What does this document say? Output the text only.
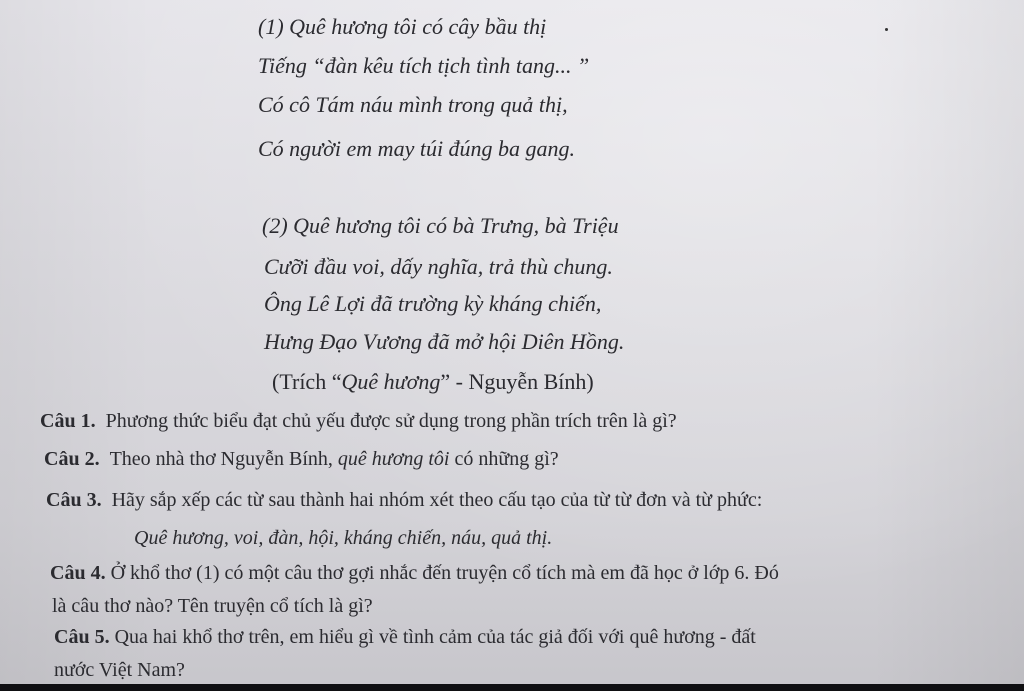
(1) Quê hương tôi có cây bầu thị
Tiếng “đàn kêu tích tịch tình tang... ”
Có cô Tám náu mình trong quả thị,
Có người em may túi đúng ba gang.
(2) Quê hương tôi có bà Trưng, bà Triệu
Cưỡi đầu voi, dấy nghĩa, trả thù chung.
Ông Lê Lợi đã trường kỳ kháng chiến,
Hưng Đạo Vương đã mở hội Diên Hồng.
(Trích “Quê hương” - Nguyễn Bính)
Câu 1. Phương thức biểu đạt chủ yếu được sử dụng trong phần trích trên là gì?
Câu 2. Theo nhà thơ Nguyễn Bính, quê hương tôi có những gì?
Câu 3. Hãy sắp xếp các từ sau thành hai nhóm xét theo cấu tạo của từ từ đơn và từ phức:
Quê hương, voi, đàn, hội, kháng chiến, náu, quả thị.
Câu 4. Ở khổ thơ (1) có một câu thơ gợi nhắc đến truyện cổ tích mà em đã học ở lớp 6. Đó
là câu thơ nào? Tên truyện cổ tích là gì?
Câu 5. Qua hai khổ thơ trên, em hiểu gì về tình cảm của tác giả đối với quê hương - đất
nước Việt Nam?
